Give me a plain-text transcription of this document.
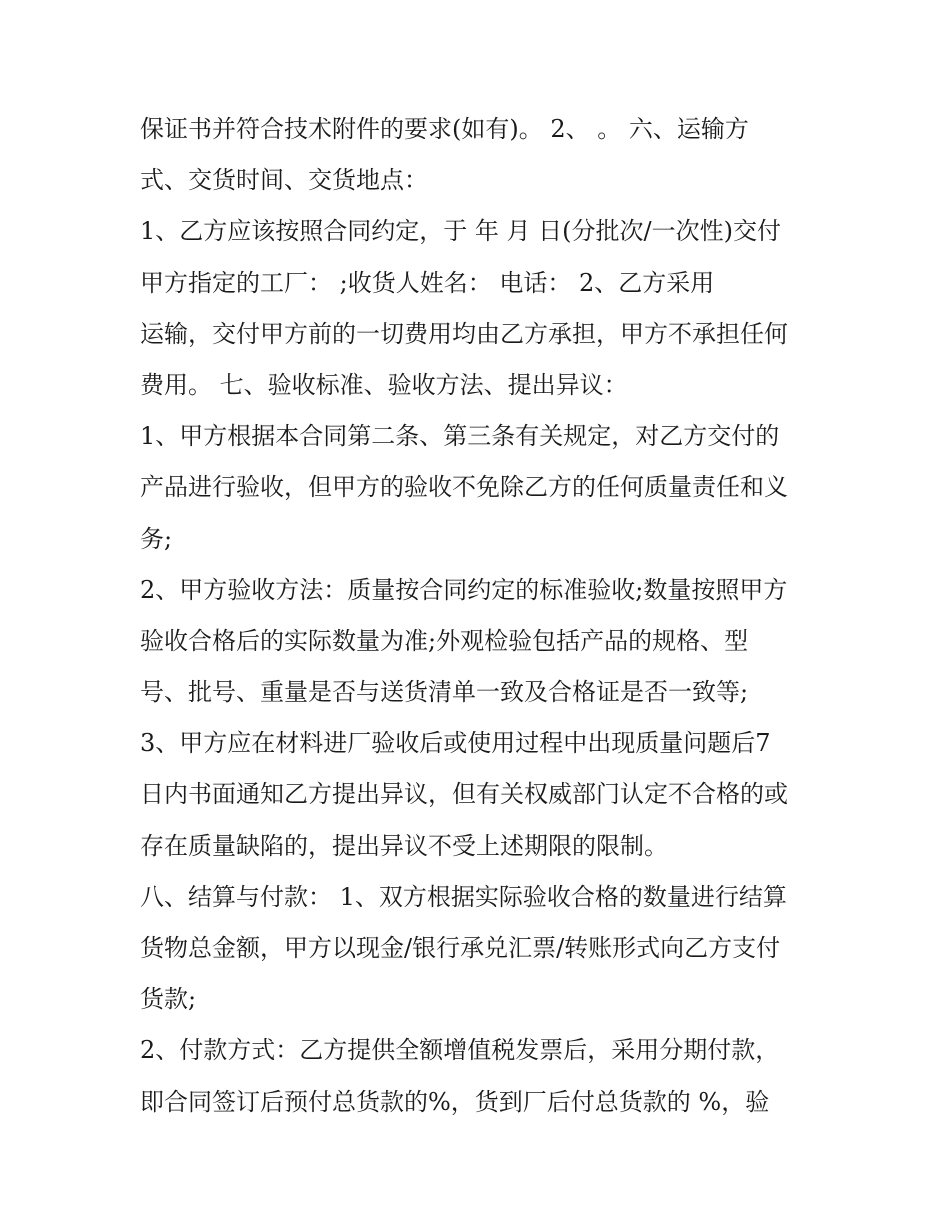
保证书并符合技术附件的要求(如有)。 2、 。 六、运输方
式、交货时间、交货地点：
1、乙方应该按照合同约定，于 年 月 日(分批次/一次性)交付
甲方指定的工厂： ;收货人姓名： 电话： 2、乙方采用
运输，交付甲方前的一切费用均由乙方承担，甲方不承担任何
费用。 七、验收标准、验收方法、提出异议：
1、甲方根据本合同第二条、第三条有关规定，对乙方交付的
产品进行验收，但甲方的验收不免除乙方的任何质量责任和义
务;
2、甲方验收方法：质量按合同约定的标准验收;数量按照甲方
验收合格后的实际数量为准;外观检验包括产品的规格、型
号、批号、重量是否与送货清单一致及合格证是否一致等;
3、甲方应在材料进厂验收后或使用过程中出现质量问题后7
日内书面通知乙方提出异议，但有关权威部门认定不合格的或
存在质量缺陷的，提出异议不受上述期限的限制。
八、结算与付款： 1、双方根据实际验收合格的数量进行结算
货物总金额，甲方以现金/银行承兑汇票/转账形式向乙方支付
货款;
2、付款方式：乙方提供全额增值税发票后，采用分期付款，
即合同签订后预付总货款的%，货到厂后付总货款的 %，验
